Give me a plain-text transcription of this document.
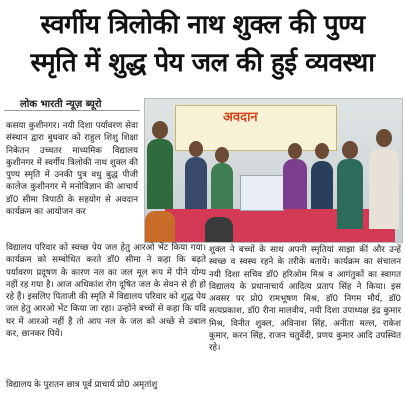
स्वर्गीय त्रिलोकी नाथ शुक्ल की पुण्य
स्मृति में शुद्ध पेय जल की हुई व्यवस्था
लोक भारती न्यूज़ ब्यूरो
कसया कुशीनगर। नयी दिशा पर्यावरण सेवा संस्थान द्वारा बुधवार को राहुल शिशु शिक्षा निकेतन उच्चतर माध्यमिक विद्यालय कुशीनगर में स्वर्गीय त्रिलोकी नाथ शुक्ल की पुण्य स्मृति में उनकी पुत्र वधु बुद्ध पीजी कालेज कुशीनगर में मनोविज्ञान की आचार्य डॉ0 सीमा त्रिपाठी के सहयोग से अवदान कार्यक्रम का आयोजन कर
अवदान
विद्यालय परिवार को स्वच्छ पेय जल हेतु आरओ भेंट किया गया। कार्यक्रम को सम्बोधित करते डॉ0 सीमा ने कहा कि बढ़ते पर्यावरण प्रदूषण के कारण नल का जल मूल रूप में पीने योग्य नहीं रह गया है। आज अधिकांश रोग दूषित जल के सेवन से ही हो रहे हैं। इसलिए पिताजी की स्मृति में विद्यालय परिवार को शुद्ध पेय जल हेतु आरओ भेंट किया जा रहा। उन्होंने बच्चों से कहा कि यदि घर में आरओ नहीं है तो आप नल के जल को अच्छे से उबाल कर, छानकर पियें।
शुक्ल ने बच्चों के साथ अपनी स्मृतियां साझा कीं और उन्हें स्वच्छ व स्वस्थ रहने के तरीके बताये। कार्यक्रम का संचालन नयी दिशा सचिव डॉ0 हरिओम मिश्र व आगंतुकों का स्वागत विद्यालय के प्रधानाचार्य आदित्य प्रताप सिंह ने किया। इस अवसर पर प्रो0 रामभूषण मिश्र, डॉ0 निगम मौर्य, डॉ0 सत्यप्रकाश, डॉ0 रीना मालवीय, नयी दिशा उपाध्यक्ष इंद्र कुमार मिश्र, विनीत शुक्ल, अविनाश सिंह, अनीता मल्ल, राकेश कुमार, करन सिंह, राजन चतुर्वेदी, प्रणय कुमार आदि उपस्थित रहे।
विद्यालय के पुरातन छात्र पूर्व प्राचार्य प्रो0 अमृतांशु
